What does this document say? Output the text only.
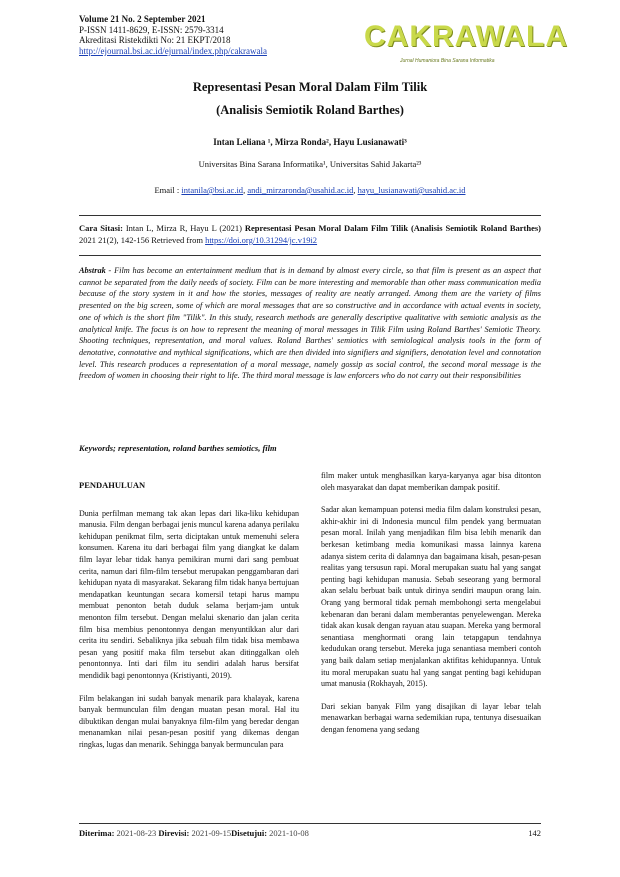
Volume 21 No. 2 September 2021
P-ISSN 1411-8629, E-ISSN: 2579-3314
Akreditasi Ristekdikti No: 21 EKPT/2018
http://ejournal.bsi.ac.id/ejurnal/index.php/cakrawala	CAKRAWALA
Jurnal Humaniora Bina Sarana Informatika
Representasi Pesan Moral Dalam Film Tilik
(Analisis Semiotik Roland Barthes)
Intan Leliana ¹, Mirza Ronda², Hayu Lusianawati³
Universitas Bina Sarana Informatika¹, Universitas Sahid Jakarta²³
Email : intanila@bsi.ac.id, andi_mirzaronda@usahid.ac.id, hayu_lusianawati@usahid.ac.id
Cara Sitasi: Intan L, Mirza R, Hayu L (2021) Representasi Pesan Moral Dalam Film Tilik (Analisis Semiotik Roland Barthes) 2021 21(2), 142-156 Retrieved from https://doi.org/10.31294/jc.v19i2
Abstrak - Film has become an entertainment medium that is in demand by almost every circle, so that film is present as an aspect that cannot be separated from the daily needs of society. Film can be more interesting and memorable than other mass communication media because of the story system in it and how the stories, messages of reality are neatly arranged. Among them are the variety of films presented on the big screen, some of which are moral messages that are so constructive and in accordance with actual events in society, one of which is the short film "Tilik". In this study, research methods are generally descriptive qualitative with semiotic analysis as the analytical knife. The focus is on how to represent the meaning of moral messages in Tilik Film using Roland Barthes' Semiotic Theory. Shooting techniques, representation, and moral values. Roland Barthes' semiotics with semiological analysis tools in the form of denotative, connotative and mythical significations, which are then divided into signifiers and signifiers, denotation level and connotation level. This research produces a representation of a moral message, namely gossip as social control, the second moral message is the freedom of women in choosing their right to life. The third moral message is law enforcers who do not carry out their responsibilities
Keywords; representation, roland barthes semiotics, film
PENDAHULUAN

Dunia perfilman memang tak akan lepas dari lika-liku kehidupan manusia. Film dengan berbagai jenis muncul karena adanya perilaku kehidupan penikmat film, serta diciptakan untuk memenuhi selera konsumen. Karena itu dari berbagai film yang diangkat ke dalam film layar lebar tidak hanya pemikiran murni dari sang pembuat cerita, namun dari film-film tersebut merupakan penggambaran dari kehidupan nyata di masyarakat. Sekarang film tidak hanya bertujuan mendapatkan keuntungan secara komersil tetapi harus mampu membuat penonton betah duduk selama berjam-jam untuk menonton film tersebut. Dengan melalui skenario dan jalan cerita film bisa membius penontonnya dengan menyuntikkan alur dari cerita itu sendiri. Sebaliknya jika sebuah film tidak bisa membawa pesan yang positif maka film tersebut akan ditinggalkan oleh penontonnya. Inti dari film itu sendiri adalah harus bersifat mendidik bagi penontonnya (Kristiyanti, 2019).

Film belakangan ini sudah banyak menarik para khalayak, karena banyak bermunculan film dengan muatan pesan moral. Hal itu dibuktikan dengan mulai banyaknya film-film yang beredar dengan menanamkan nilai pesan-pesan positif yang dikemas dengan ringkas, lugas dan menarik. Sehingga banyak bermunculan para

film maker untuk menghasilkan karya-karyanya agar bisa ditonton oleh masyarakat dan dapat memberikan dampak positif.

Sadar akan kemampuan potensi media film dalam konstruksi pesan, akhir-akhir ini di Indonesia muncul film pendek yang bermuatan pesan moral. Inilah yang menjadikan film bisa lebih menarik dan berkesan ketimbang media komunikasi massa lainnya karena adanya sistem cerita di dalamnya dan bagaimana kisah, pesan-pesan realitas yang tersusun rapi. Moral merupakan suatu hal yang sangat penting bagi kehidupan manusia. Sebab seseorang yang bermoral akan selalu berbuat baik untuk dirinya sendiri maupun orang lain. Orang yang bermoral tidak pernah membohongi serta mengelabui kebenaran dan berani dalam memberantas penyelewengan. Mereka tidak akan kusak dengan rayuan atau suapan. Mereka yang bermoral senantiasa menghormati orang lain tetapgapun tendahnya kedudukan orang tersebut. Mereka juga senantiasa memberi contoh yang baik dalam setiap menjalankan aktifitas kehidupannya. Untuk itu moral merupakan suatu hal yang sangat penting bagi kehidupan umat manusia (Rokhayah, 2015).

Dari sekian banyak Film yang disajikan di layar lebar telah menawarkan berbagai warna sedemikian rupa, tentunya disesuaikan dengan fenomena yang sedang

Diterima: 2021-08-23 Direvisi: 2021-09-15Disetujui: 2021-10-08	142
